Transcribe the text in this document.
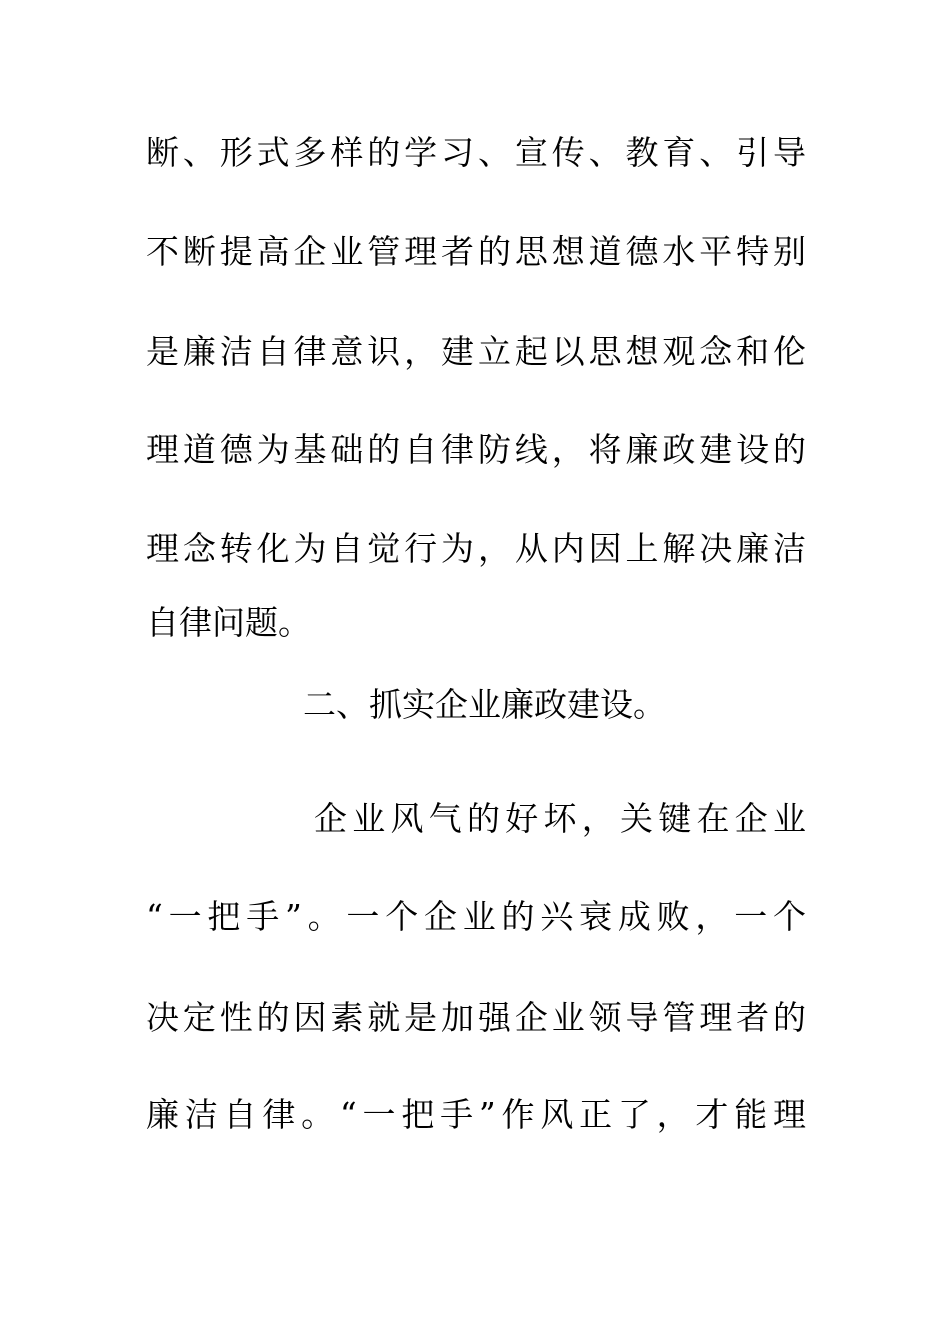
断、形式多样的学习、宣传、教育、引导
不断提高企业管理者的思想道德水平特别
是廉洁自律意识，建立起以思想观念和伦
理道德为基础的自律防线，将廉政建设的
理念转化为自觉行为，从内因上解决廉洁
自律问题。
二、抓实企业廉政建设。
企业风气的好坏，关键在企业
“一把手”。一个企业的兴衰成败，一个
决定性的因素就是加强企业领导管理者的
廉洁自律。“一把手”作风正了，才能理
